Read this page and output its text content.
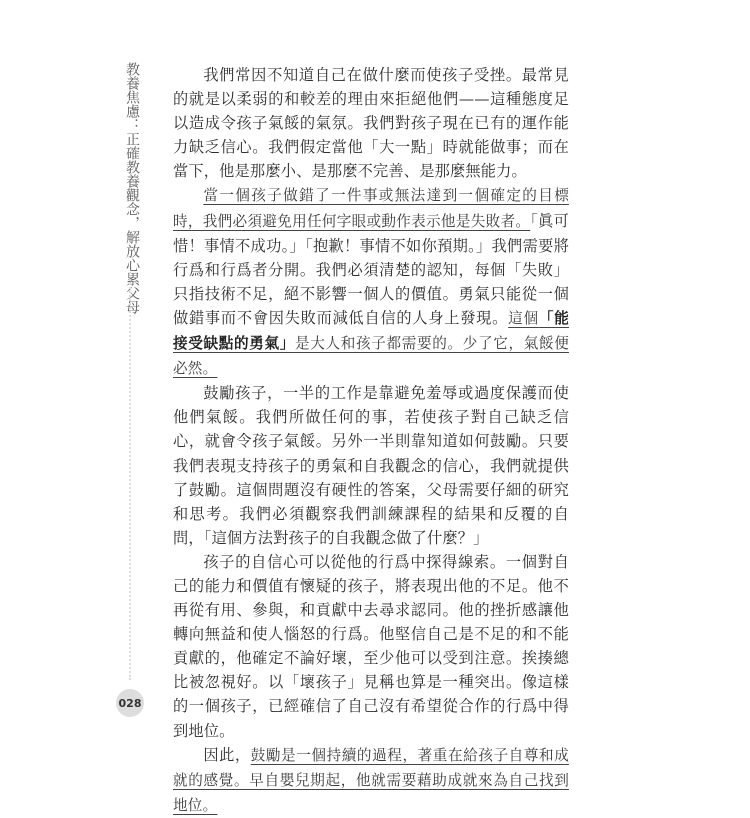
教養焦慮：正確教養觀念，解放心累父母
028

我們常因不知道自己在做什麼而使孩子受挫。最常見的就是以柔弱的和較差的理由來拒絕他們——這種態度足以造成令孩子氣餒的氣氛。我們對孩子現在已有的運作能力缺乏信心。我們假定當他「大一點」時就能做事；而在當下，他是那麼小、是那麼不完善、是那麼無能力。

當一個孩子做錯了一件事或無法達到一個確定的目標時，我們必須避免用任何字眼或動作表示他是失敗者。「眞可惜！事情不成功。」「抱歉！事情不如你預期。」我們需要將行爲和行爲者分開。我們必須清楚的認知，每個「失敗」只指技術不足，絕不影響一個人的價值。勇氣只能從一個做錯事而不會因失敗而減低自信的人身上發現。這個「能接受缺點的勇氣」是大人和孩子都需要的。少了它，氣餒便必然。

鼓勵孩子，一半的工作是靠避免羞辱或過度保護而使他們氣餒。我們所做任何的事，若使孩子對自己缺乏信心，就會令孩子氣餒。另外一半則靠知道如何鼓勵。只要我們表現支持孩子的勇氣和自我觀念的信心，我們就提供了鼓勵。這個問題沒有硬性的答案，父母需要仔細的研究和思考。我們必須觀察我們訓練課程的結果和反覆的自問，「這個方法對孩子的自我觀念做了什麼？」

孩子的自信心可以從他的行爲中探得線索。一個對自己的能力和價值有懷疑的孩子，將表現出他的不足。他不再從有用、參與，和貢獻中去尋求認同。他的挫折感讓他轉向無益和使人惱怒的行爲。他堅信自己是不足的和不能貢獻的，他確定不論好壞，至少他可以受到注意。挨揍總比被忽視好。以「壞孩子」見稱也算是一種突出。像這樣的一個孩子，已經確信了自己沒有希望從合作的行爲中得到地位。

因此，鼓勵是一個持續的過程，著重在給孩子自尊和成就的感覺。早自嬰兒期起，他就需要藉助成就來為自己找到地位。
